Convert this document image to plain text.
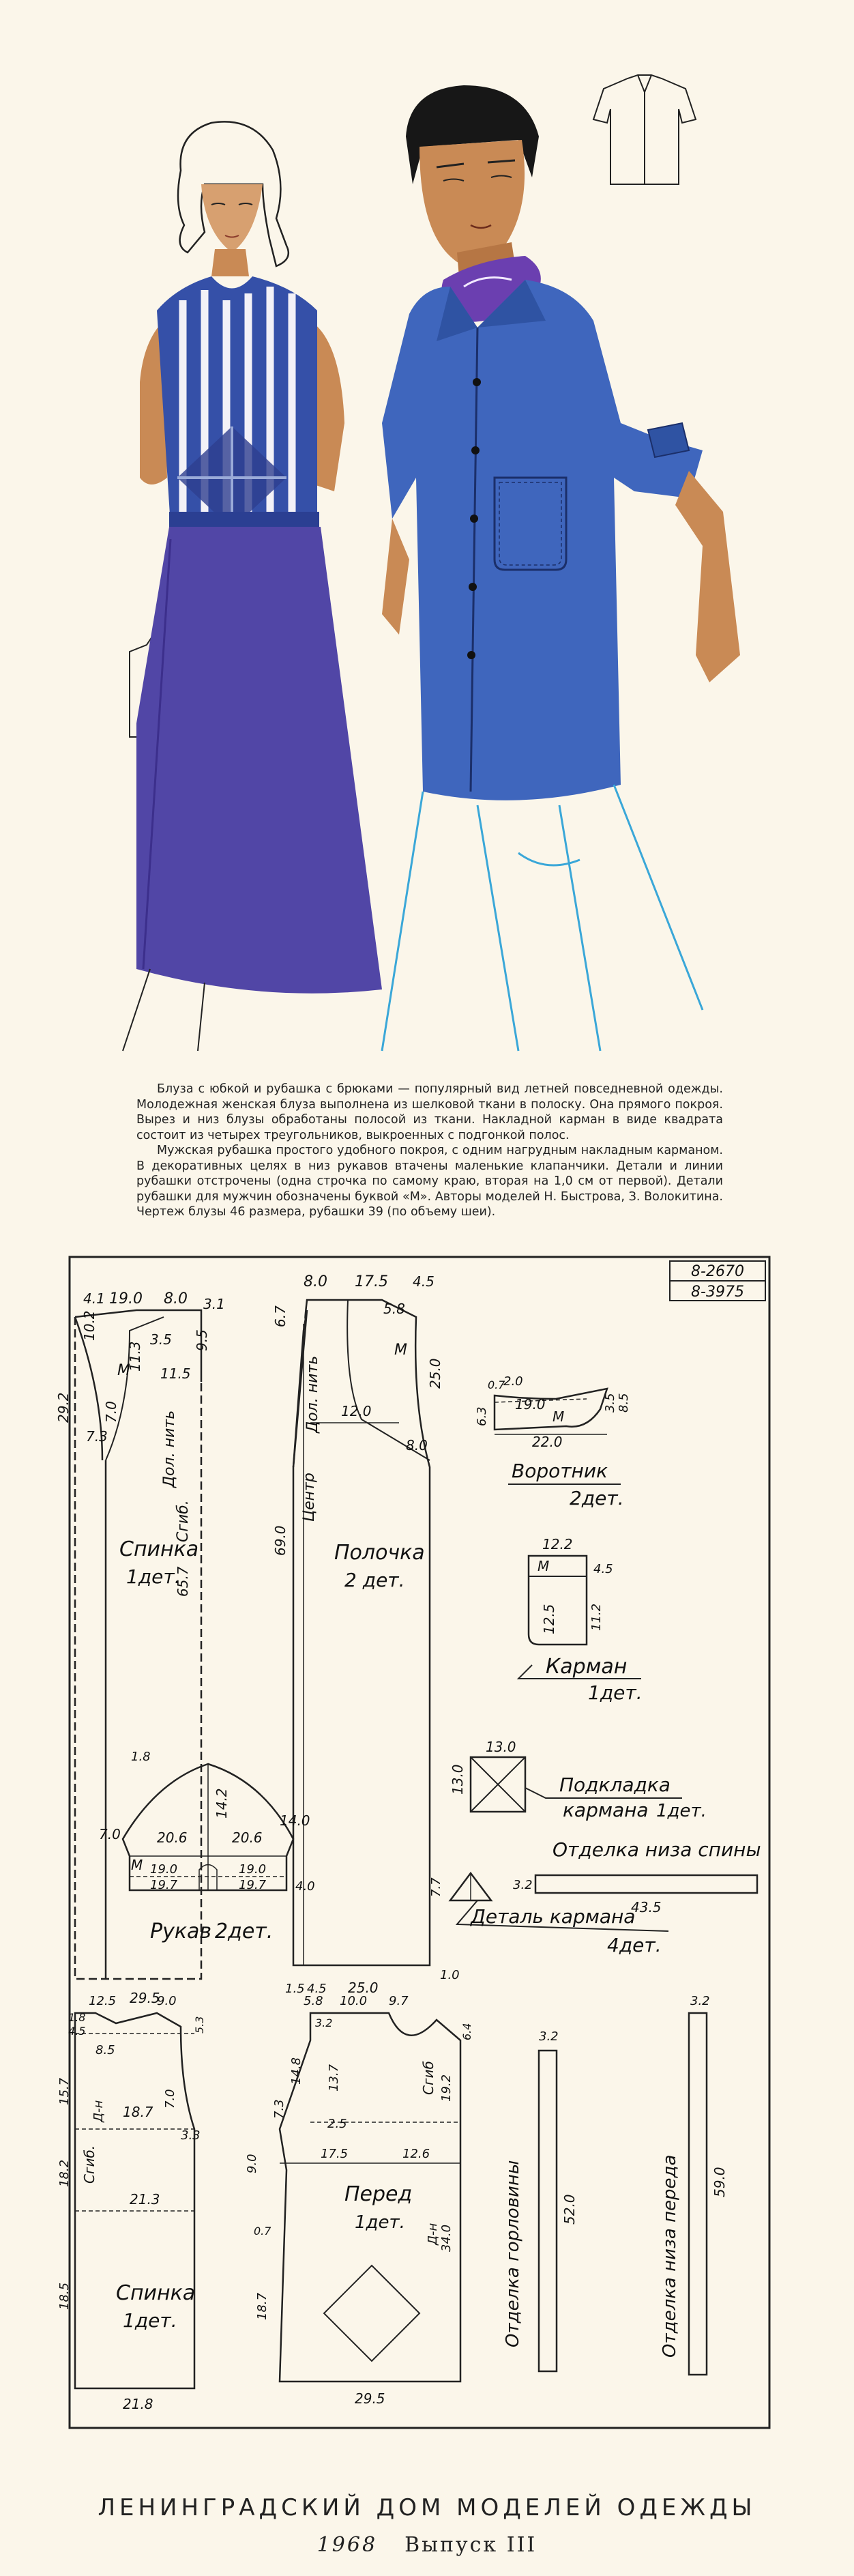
Блуза с юбкой и рубашка с брюками — популярный вид летней повседневной одежды. Молодежная женская блуза выполнена из шелковой ткани в полоску. Она прямого покроя. Вырез и низ блузы обработаны полосой из ткани. Накладной карман в виде квадрата состоит из четырех треугольников, выкроенных с подгонкой полос.

Мужская рубашка простого удобного покроя, с одним нагрудным накладным карманом. В декоративных целях в низ рукавов втачены маленькие клапанчики. Детали и линии рубашки отстрочены (одна строчка по самому краю, вторая на 1,0 см от первой). Детали рубашки для мужчин обозначены буквой «М». Авторы моделей Н. Быстрова, З. Волокитина. Чертеж блузы 46 размера, рубашки 39 (по объему шеи).

8-2670
8-3975
4.1 19.0 8.0 3.1
10.2	3.5
11.3
9.5
11.5
29.2 7.0
7.3
М
Дол. нить
Сгиб.
65.7
Спинка
1дет.
29.5
8.0 17.5 4.5
6.7	5.8
М
25.0
12.0
8.0
Дол. нить
Центр
69.0 Полочка
2 дет.
1.5 4.5 25.0
1.0
0.7
2.0
6.3
19.0
М
3.5 8.5
22.0
Воротник
2дет.
12.2
М	4.5
12.5	11.2
Карман
1дет.
1.8
14.2
7.0	20.6	20.6
14.0
М 19.0	19.0
19.7	19.7 4.0
Рукав 2дет.
13.0
13.0	Подкладка
кармана 1дет.
Отделка низа спины
3.2
43.5
7.7
Деталь кармана
4дет.
12.5	9.0
1.8
4.5	5.3
8.5
15.7
Д-н 18.7
7.0
3.3
18.2 Сгиб.
21.3
18.5 Спинка
1дет.
21.8
5.8 10.0 9.7
3.2
6.4
14.8 13.7	Сгиб 19.2
7.3
2.5
9.0	17.5	12.6
Д-н 34.0
0.7
18.7
Перед
1дет.
29.5
3.2
52.0
Отделка горловины
3.2
59.0
Отделка низа переда
ЛЕНИНГРАДСКИЙ ДОМ МОДЕЛЕЙ ОДЕЖДЫ
1968 Выпуск III
